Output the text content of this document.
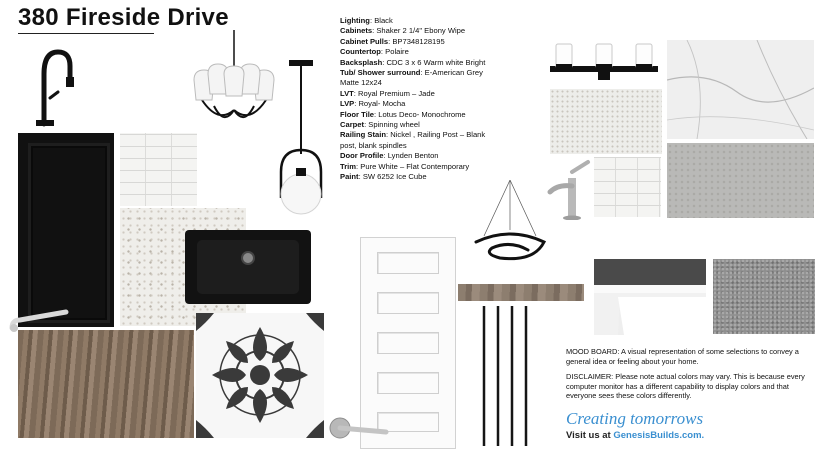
380 Fireside Drive	Lighting: Black
Cabinets: Shaker 2 1/4" Ebony Wipe
Cabinet Pulls: BP7348128195
Countertop: Polaire
Backsplash: CDC 3 x 6 Warm white Bright
Tub/ Shower surround: E-American Grey Matte 12x24
LVT: Royal Premium – Jade
LVP: Royal- Mocha
Floor Tile: Lotus Deco- Monochrome
Carpet: Spinning wheel
Railing Stain: Nickel , Railing Post – Blank post, blank spindles
Door Profile: Lynden Benton
Trim: Pure White – Flat Contemporary
Paint: SW 6252 Ice Cube

MOOD BOARD: A visual representation of some selections to convey a general idea or feeling about your home.

DISCLAIMER: Please note actual colors may vary. This is because every computer monitor has a different capability to display colors and that everyone sees these colors differently.

Creating tomorrows
Visit us at GenesisBuilds.com.
